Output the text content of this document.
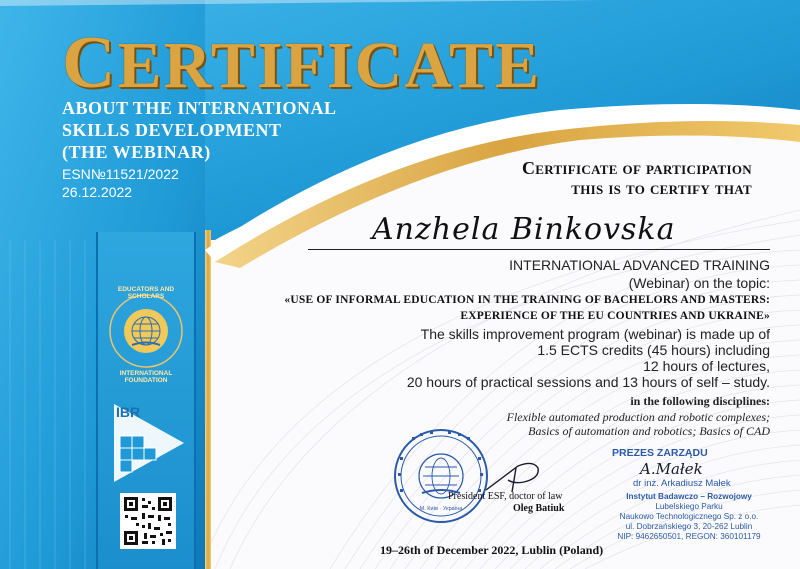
CERTIFICATE
ABOUT THE INTERNATIONAL
SKILLS DEVELOPMENT
(THE WEBINAR)
ESN№11521/2022
26.12.2022
Certificate of participation
this is to certify that
Anzhela Binkovska
INTERNATIONAL ADVANCED TRAINING
(Webinar) on the topic:
«USE OF INFORMAL EDUCATION IN THE TRAINING OF BACHELORS AND MASTERS:
EXPERIENCE OF THE EU COUNTRIES AND UKRAINE»
The skills improvement program (webinar) is made up of
1.5 ECTS credits (45 hours) including
12 hours of lectures,
20 hours of practical sessions and 13 hours of self – study.
in the following disciplines:
Flexible automated production and robotic complexes;
Basics of automation and robotics; Basics of CAD
EDUCATORS AND SCHOLARS
INTERNATIONAL FOUNDATION
IBR
M. Київ · Україна
President ESF, doctor of law
Oleg Batiuk
PREZES ZARZĄDU
A.Małek
dr inż. Arkadiusz Małek
Instytut Badawczo – Rozwojowy
Lubelskiego Parku
Naukowo Technologicznego Sp. z o.o.
ul. Dobrzańskiego 3, 20-262 Lublin
NIP: 9462650501, REGON: 360101179
19–26th of December 2022, Lublin (Poland)
